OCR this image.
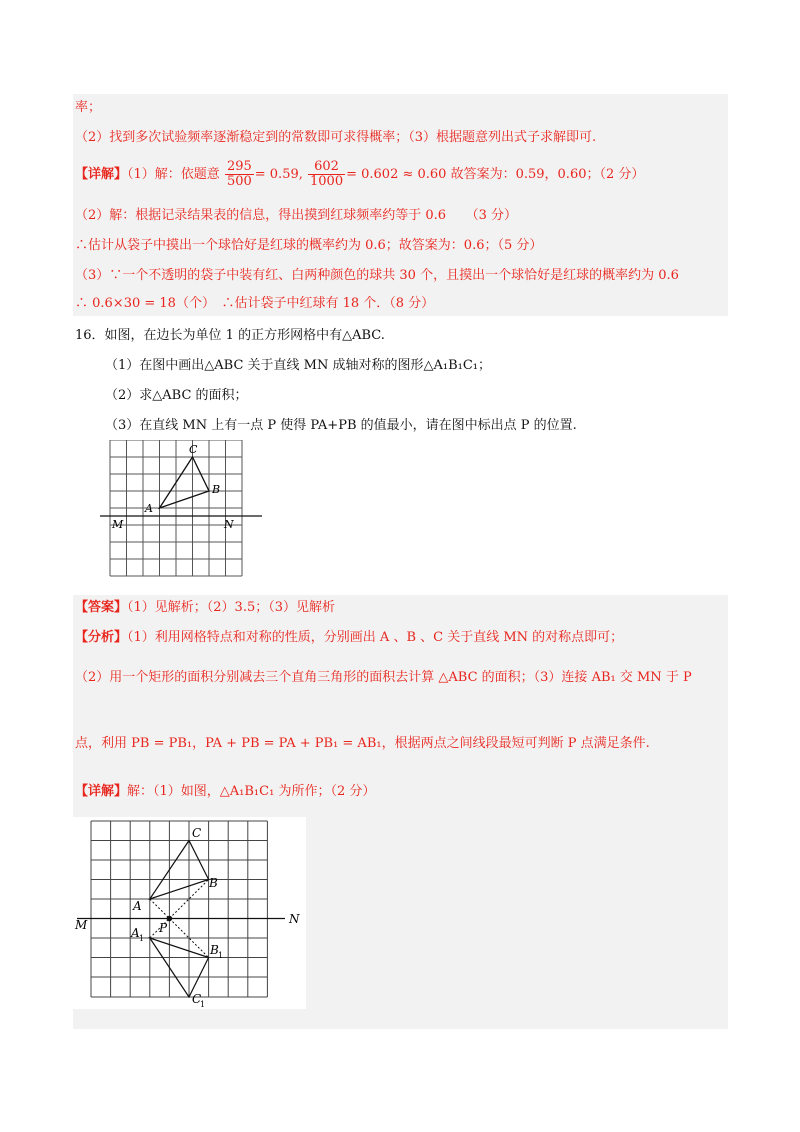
率；
（2）找到多次试验频率逐渐稳定到的常数即可求得概率；（3）根据题意列出式子求解即可.
【详解】（1）解：依题意 $\frac{295}{500} = 0.59$, $\frac{602}{1000} = 0.602 \approx 0.60$ 故答案为：0.59，0.60；（2 分）
（2）解：根据记录结果表的信息，得出摸到红球频率约等于 0.6　　（3 分）
∴估计从袋子中摸出一个球恰好是红球的概率约为 0.6；故答案为：0.6；（5 分）
（3）∵一个不透明的袋子中装有红、白两种颜色的球共 30 个，且摸出一个球恰好是红球的概率约为 0.6
∴ 0.6×30 = 18（个）　∴估计袋子中红球有 18 个．（8 分）
16．如图，在边长为单位 1 的正方形网格中有△ABC.
（1）在图中画出△ABC 关于直线 MN 成轴对称的图形△A₁B₁C₁；
（2）求△ABC 的面积；
（3）在直线 MN 上有一点 P 使得 PA+PB 的值最小，请在图中标出点 P 的位置.
A
B
C
M	N
【答案】（1）见解析；（2）3.5；（3）见解析
【分析】（1）利用网格特点和对称的性质，分别画出 A 、B 、C 关于直线 MN 的对称点即可；
（2）用一个矩形的面积分别减去三个直角三角形的面积去计算 △ABC 的面积；（3）连接 AB₁ 交 MN 于 P
点，利用 PB = PB₁，PA + PB = PA + PB₁ = AB₁，根据两点之间线段最短可判断 P 点满足条件.
【详解】解：（1）如图，△A₁B₁C₁ 为所作；（2 分）
A
B
C
P
M	N
A 1
B 1
C
1
